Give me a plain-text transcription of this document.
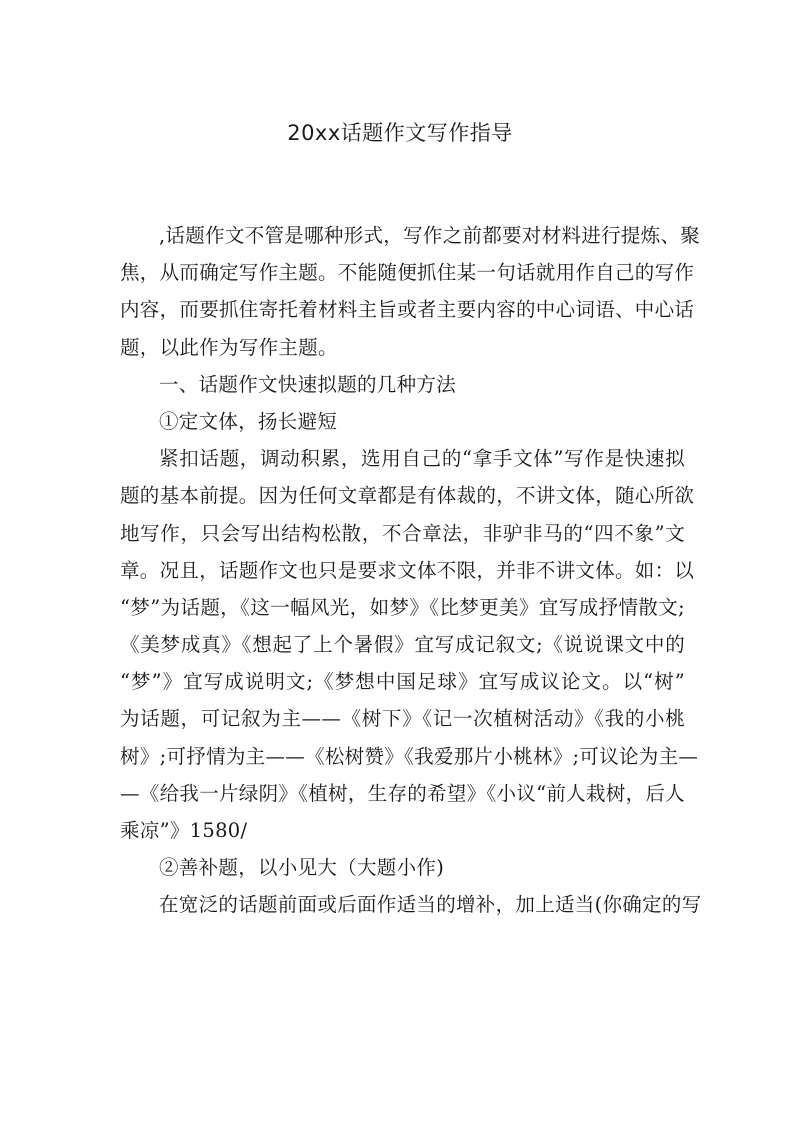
20xx话题作文写作指导
,话题作文不管是哪种形式，写作之前都要对材料进行提炼、聚
焦，从而确定写作主题。不能随便抓住某一句话就用作自己的写作
内容，而要抓住寄托着材料主旨或者主要内容的中心词语、中心话
题，以此作为写作主题。
一、话题作文快速拟题的几种方法
①定文体，扬长避短
紧扣话题，调动积累，选用自己的“拿手文体”写作是快速拟
题的基本前提。因为任何文章都是有体裁的，不讲文体，随心所欲
地写作，只会写出结构松散，不合章法，非驴非马的“四不象”文
章。况且，话题作文也只是要求文体不限，并非不讲文体。如：以
“梦”为话题，《这一幅风光，如梦》《比梦更美》宜写成抒情散文;
《美梦成真》《想起了上个暑假》宜写成记叙文;《说说课文中的
“梦”》宜写成说明文;《梦想中国足球》宜写成议论文。以“树”
为话题，可记叙为主——《树下》《记一次植树活动》《我的小桃
树》;可抒情为主——《松树赞》《我爱那片小桃林》;可议论为主—
—《给我一片绿阴》《植树，生存的希望》《小议“前人栽树，后人
乘凉”》1580/
②善补题，以小见大（大题小作)
在宽泛的话题前面或后面作适当的增补，加上适当(你确定的写
